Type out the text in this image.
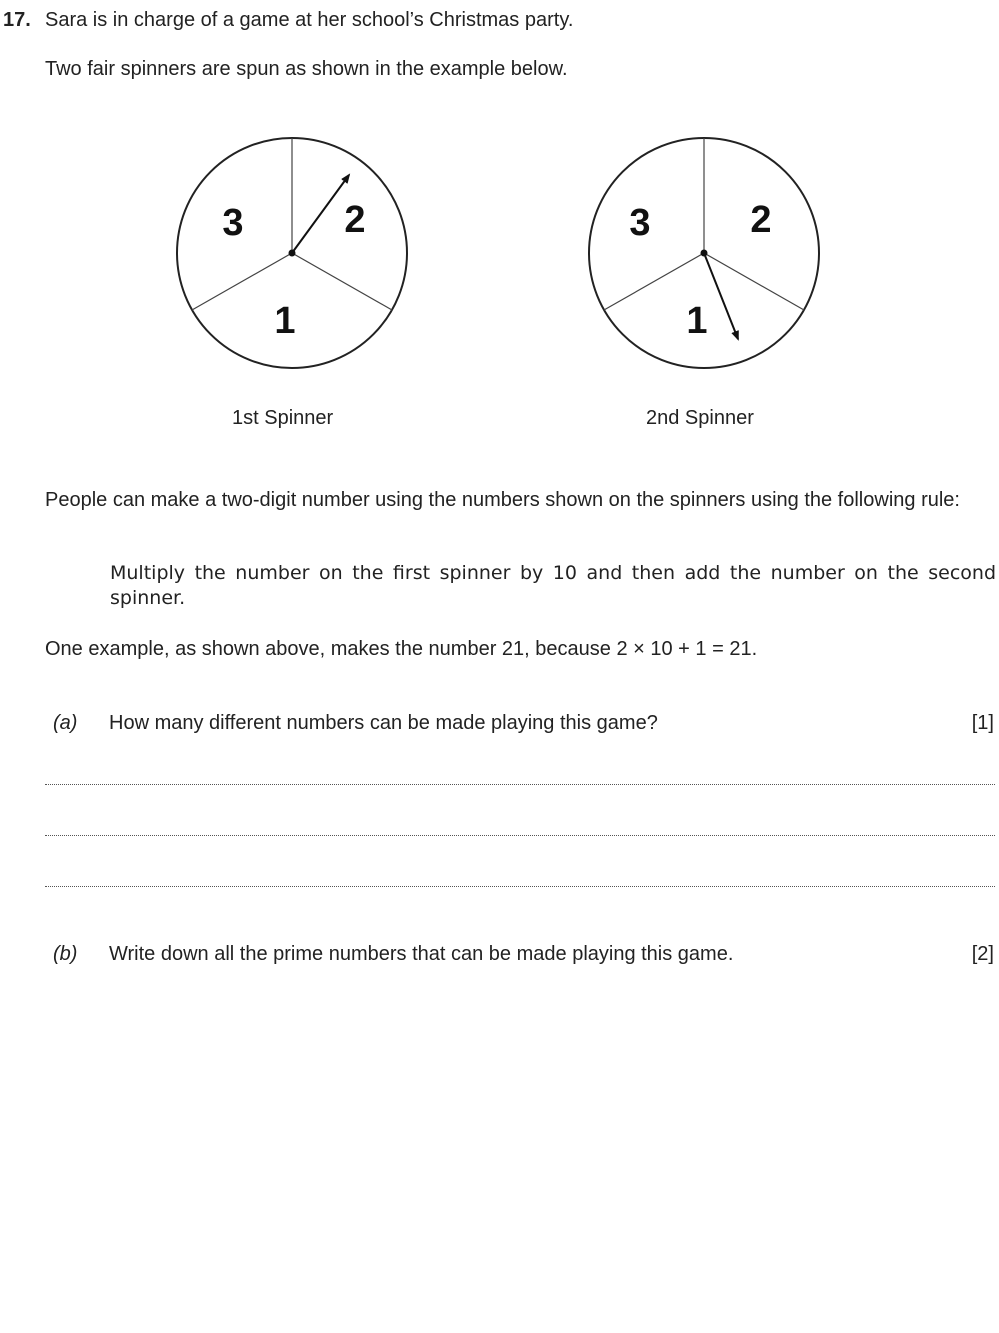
17. Sara is in charge of a game at her school’s Christmas party.
Two fair spinners are spun as shown in the example below.
3	2
1
3	2
1
1st Spinner	2nd Spinner
People can make a two-digit number using the numbers shown on the spinners using the following rule:
Multiply the number on the first spinner by 10 and then add the number on the second spinner.
One example, as shown above, makes the number 21, because 2 × 10 + 1 = 21.
(a) How many different numbers can be made playing this game?	[1]
(b) Write down all the prime numbers that can be made playing this game.	[2]
